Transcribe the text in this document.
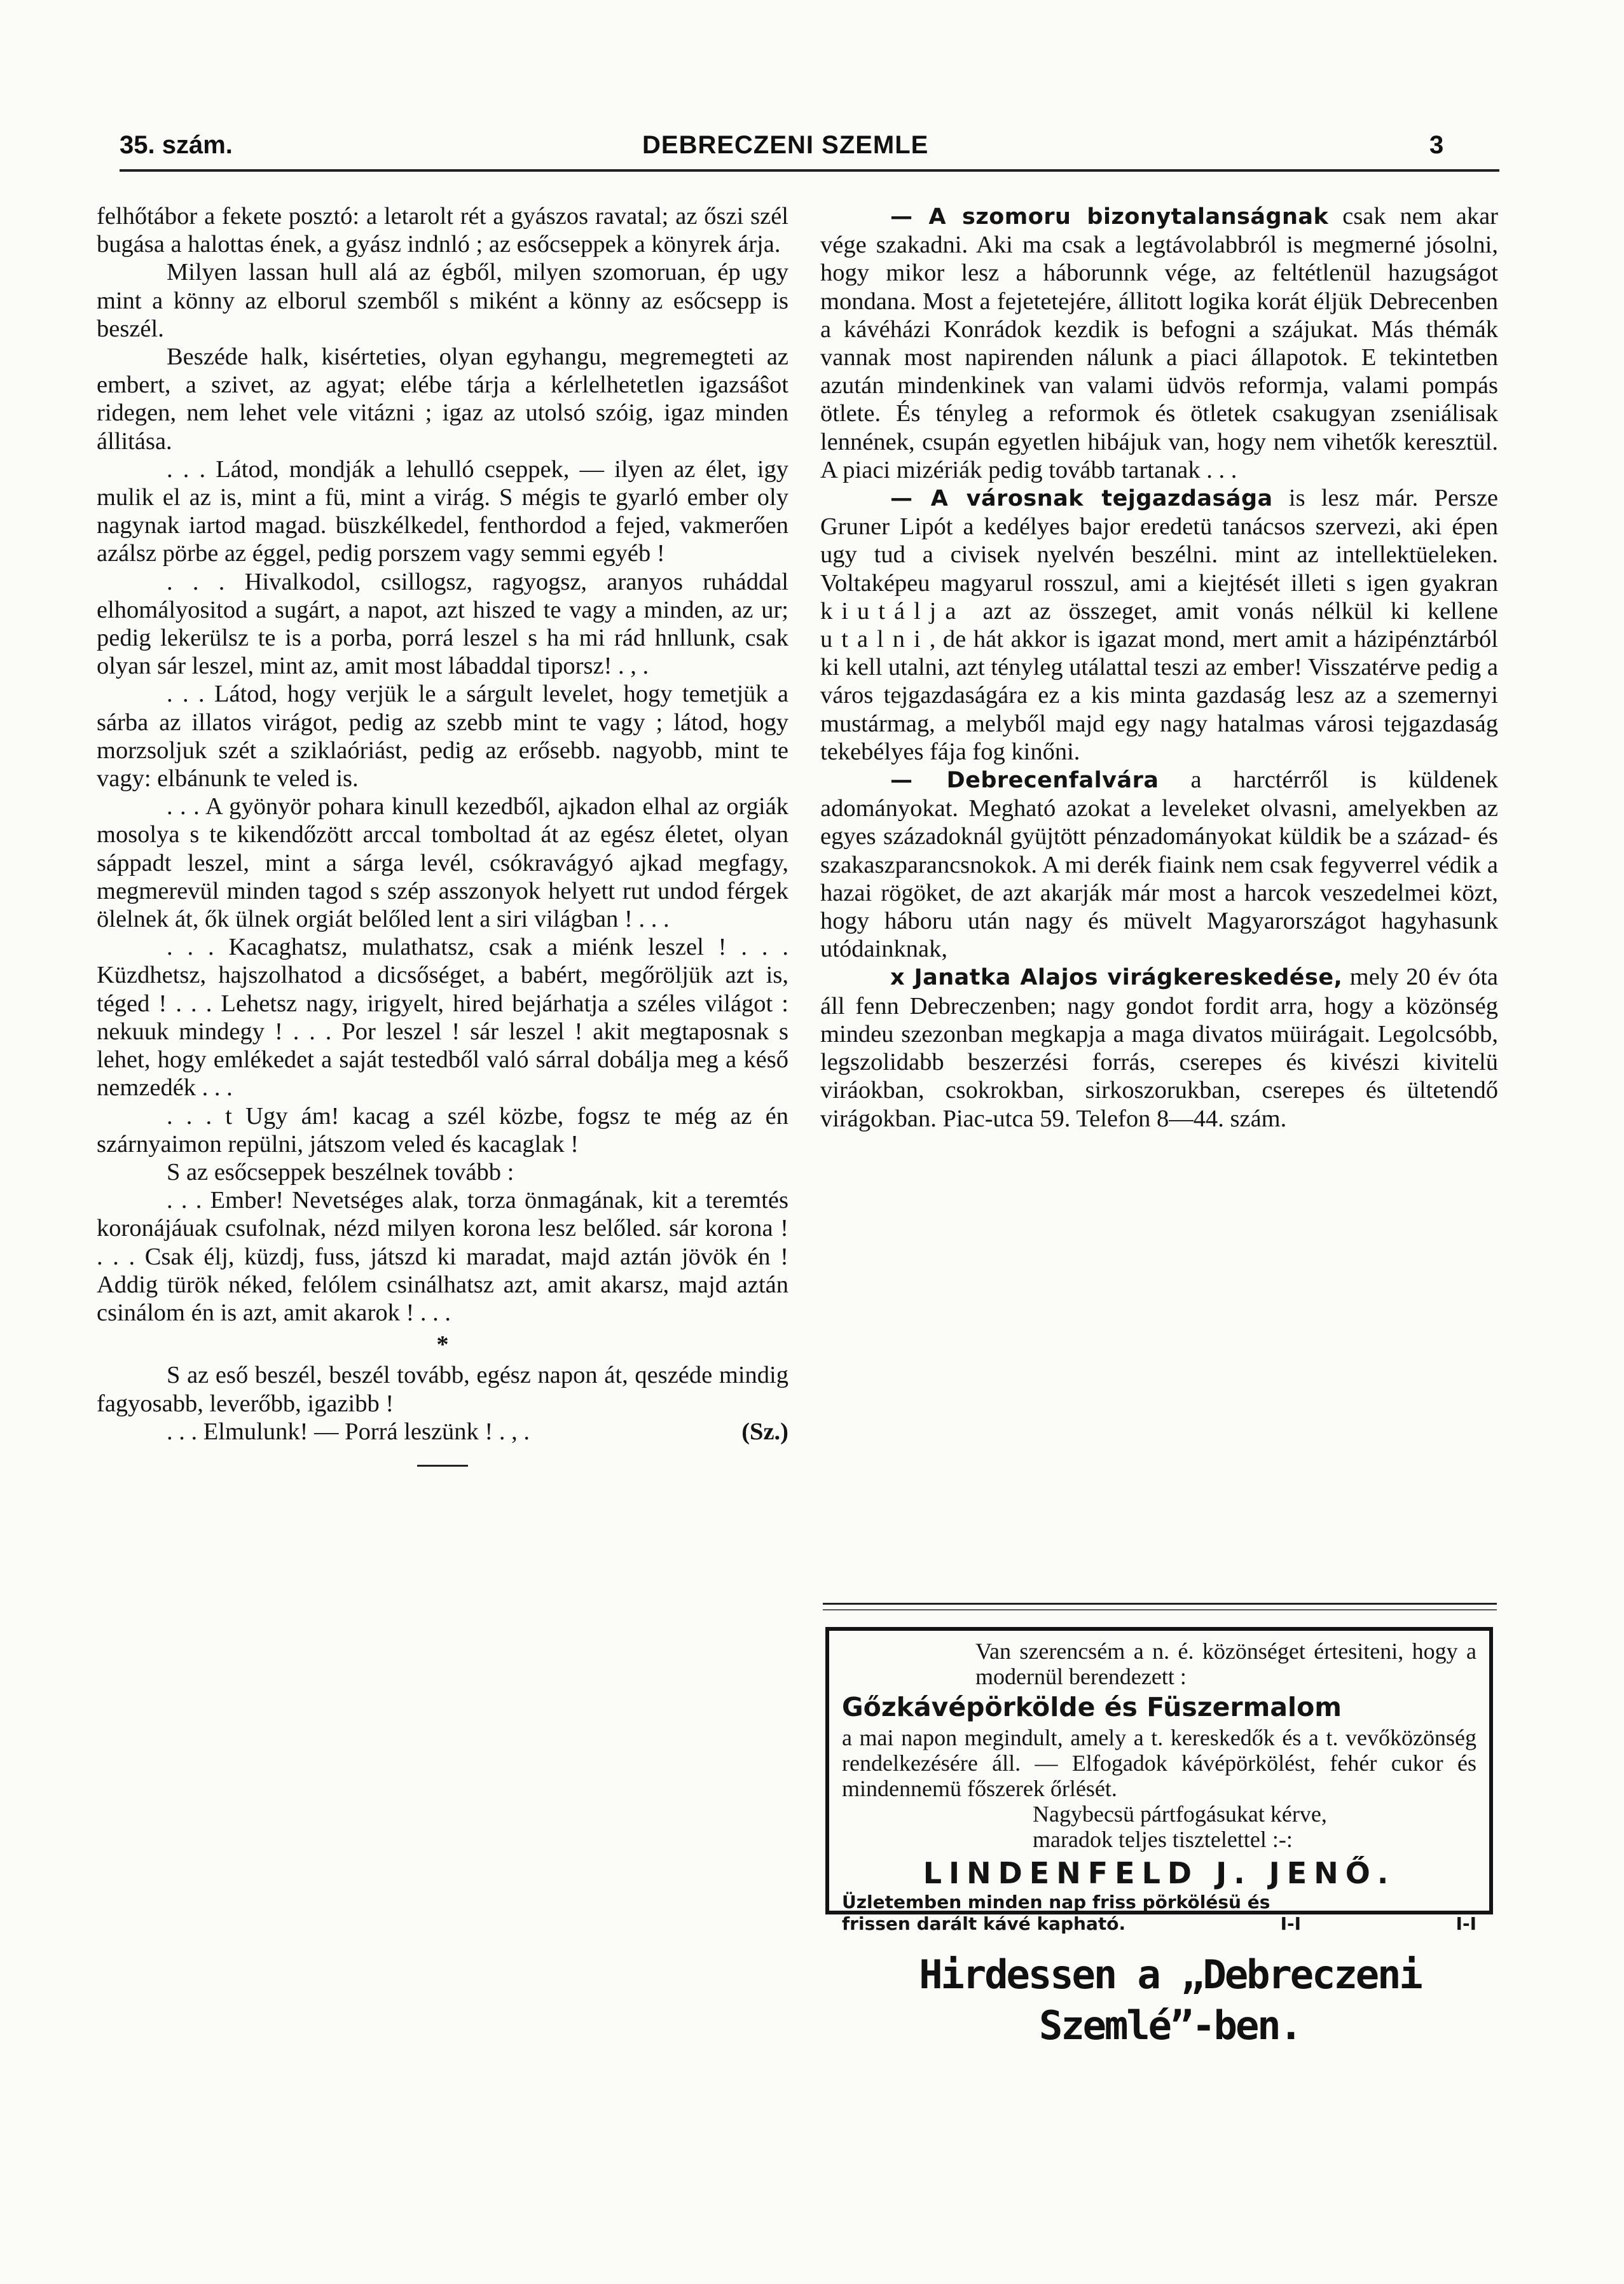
35. szám.	DEBRECZENI SZEMLE	3

felhőtábor a fekete posztó: a letarolt rét a gyászos ravatal; az őszi szél bugása a halottas ének, a gyász indnló ; az esőcseppek a könyrek árja.

Milyen lassan hull alá az égből, milyen szomoruan, ép ugy mint a könny az elborul szemből s miként a könny az esőcsepp is beszél.

Beszéde halk, kisérteties, olyan egyhangu, megremegteti az embert, a szivet, az agyat; elébe tárja a kérlelhetetlen igazsáŝot ridegen, nem lehet vele vitázni ; igaz az utolsó szóig, igaz minden állitása.

. . . Látod, mondják a lehulló cseppek, — ilyen az élet, igy mulik el az is, mint a fü, mint a virág. S mégis te gyarló ember oly nagynak iartod magad. büszkélkedel, fenthordod a fejed, vakmerően azálsz pörbe az éggel, pedig porszem vagy semmi egyéb !

. . . Hivalkodol, csillogsz, ragyogsz, aranyos ruháddal elhomályositod a sugárt, a napot, azt hiszed te vagy a minden, az ur; pedig lekerülsz te is a porba, porrá leszel s ha mi rád hnllunk, csak olyan sár leszel, mint az, amit most lábaddal tiporsz! . , .

. . . Látod, hogy verjük le a sárgult levelet, hogy temetjük a sárba az illatos virágot, pedig az szebb mint te vagy ; látod, hogy morzsoljuk szét a sziklaóriást, pedig az erősebb. nagyobb, mint te vagy: elbánunk te veled is.

. . . A gyönyör pohara kinull kezedből, ajkadon elhal az orgiák mosolya s te kikendőzött arccal tomboltad át az egész életet, olyan sáppadt leszel, mint a sárga levél, csókravágyó ajkad megfagy, megmerevül minden tagod s szép asszonyok helyett rut undod férgek ölelnek át, ők ülnek orgiát belőled lent a siri világban ! . . .

. . . Kacaghatsz, mulathatsz, csak a miénk leszel ! . . . Küzdhetsz, hajszolhatod a dicsőséget, a babért, megőröljük azt is, téged ! . . . Lehetsz nagy, irigyelt, hired bejárhatja a széles világot : nekuuk mindegy ! . . . Por leszel ! sár leszel ! akit megtaposnak s lehet, hogy emlékedet a saját testedből való sárral dobálja meg a késő nemzedék . . .

. . . t Ugy ám! kacag a szél közbe, fogsz te még az én szárnyaimon repülni, játszom veled és kacaglak !

S az esőcseppek beszélnek tovább :

. . . Ember! Nevetséges alak, torza önmagának, kit a teremtés koronájáuak csufolnak, nézd milyen korona lesz belőled. sár korona ! . . . Csak élj, küzdj, fuss, játszd ki maradat, majd aztán jövök én ! Addig türök néked, felólem csinálhatsz azt, amit akarsz, majd aztán csinálom én is azt, amit akarok ! . . .

*

S az eső beszél, beszél tovább, egész napon át, qeszéde mindig fagyosabb, leverőbb, igazibb !

. . . Elmulunk! — Porrá leszünk ! . , .	(Sz.)

— A szomoru bizonytalanságnak csak nem akar vége szakadni. Aki ma csak a legtávolabbról is megmerné jósolni, hogy mikor lesz a háborunnk vége, az feltétlenül hazugságot mondana. Most a fejetetejére, állitott logika korát éljük Debrecenben a kávéházi Konrádok kezdik is befogni a szájukat. Más thémák vannak most napirenden nálunk a piaci állapotok. E tekintetben azután mindenkinek van valami üdvös reformja, valami pompás ötlete. És tényleg a reformok és ötletek csakugyan zseniálisak lennének, csupán egyetlen hibájuk van, hogy nem vihetők keresztül. A piaci mizériák pedig tovább tartanak . . .

— A városnak tejgazdasága is lesz már. Persze Gruner Lipót a kedélyes bajor eredetü tanácsos szervezi, aki épen ugy tud a civisek nyelvén beszélni. mint az intellektüeleken. Voltaképeu magyarul rosszul, ami a kiejtését illeti s igen gyakran kiutálja azt az összeget, amit vonás nélkül ki kellene utalni, de hát akkor is igazat mond, mert amit a házipénztárból ki kell utalni, azt tényleg utálattal teszi az ember! Visszatérve pedig a város tejgazdaságára ez a kis minta gazdaság lesz az a szemernyi mustármag, a melyből majd egy nagy hatalmas városi tejgazdaság tekebélyes fája fog kinőni.

— Debrecenfalvára a harctérről is küldenek adományokat. Megható azokat a leveleket olvasni, amelyekben az egyes századoknál gyüjtött pénzadományokat küldik be a század- és szakaszparancsnokok. A mi derék fiaink nem csak fegyverrel védik a hazai rögöket, de azt akarják már most a harcok veszedelmei közt, hogy háboru után nagy és müvelt Magyarországot hagyhasunk utódainknak,

x Janatka Alajos virágkereskedése, mely 20 év óta áll fenn Debreczenben; nagy gondot fordit arra, hogy a közönség mindeu szezonban megkapja a maga divatos müirágait. Legolcsóbb, legszolidabb beszerzési forrás, cserepes és kivészi kivitelü viráokban, csokrokban, sirkoszorukban, cserepes és ültetendő virágokban. Piac-utca 59. Telefon 8—44. szám.

Van szerencsém a n. é. közönséget értesiteni, hogy a modernül berendezett :

Gőzkávépörkölde és Füszermalom

a mai napon megindult, amely a t. kereskedők és a t. vevőközönség rendelkezésére áll. — Elfogadok kávépörkölést, fehér cukor és mindennemü főszerek őrlését.

Nagybecsü pártfogásukat kérve,

maradok teljes tisztelettel :-:

LINDENFELD J. JENŐ.

Üzletemben minden nap friss pörkölésü és

frissen darált kávé kapható.	I-I	I-I

Hirdessen a „Debreczeni Szemlé”-ben.
